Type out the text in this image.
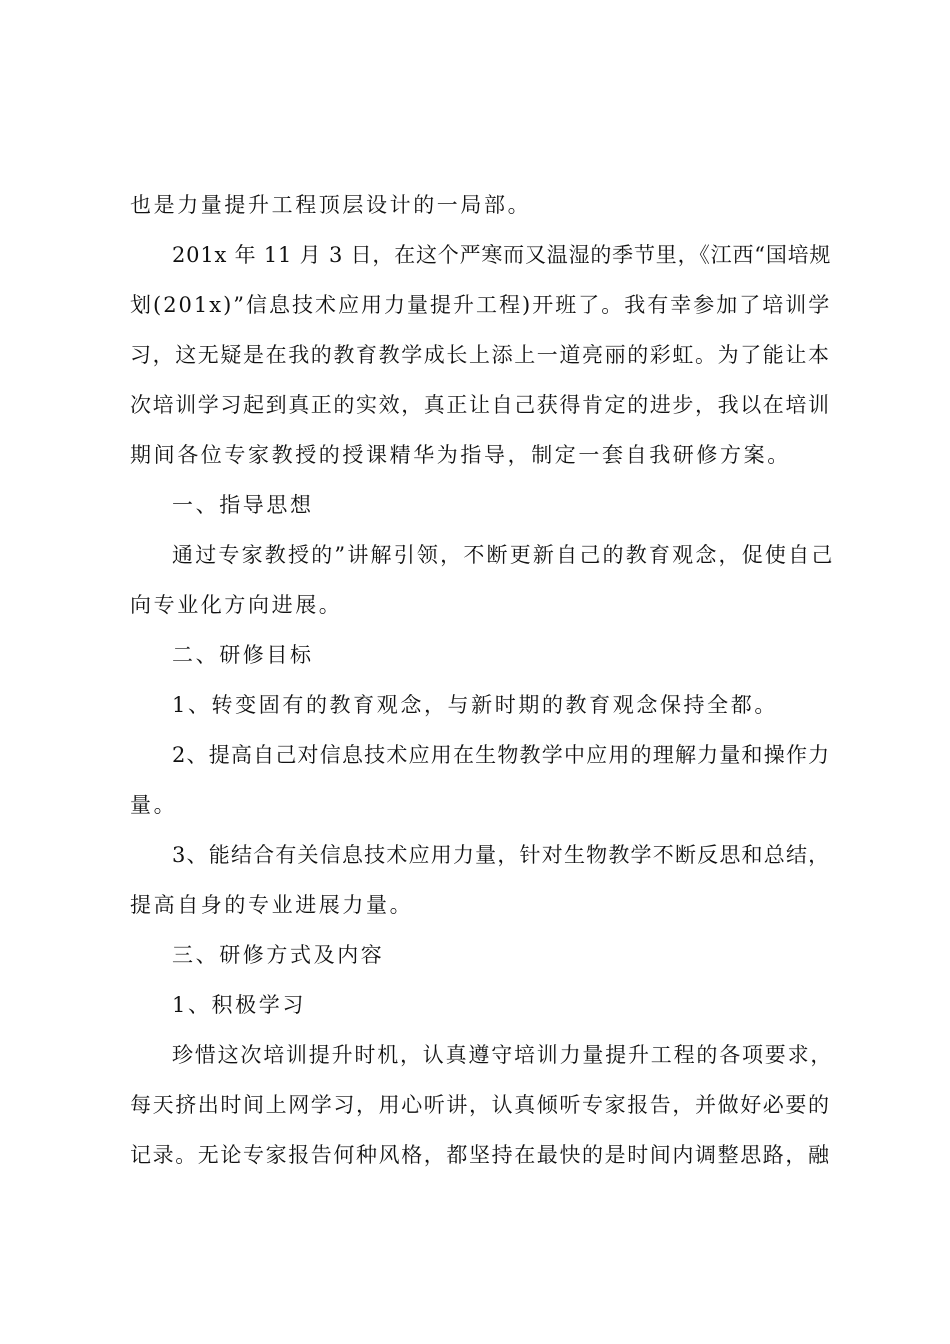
也是力量提升工程顶层设计的一局部。
201x 年 11 月 3 日，在这个严寒而又温湿的季节里，《江西“国培规
划(201x)”信息技术应用力量提升工程)开班了。我有幸参加了培训学
习，这无疑是在我的教育教学成长上添上一道亮丽的彩虹。为了能让本
次培训学习起到真正的实效，真正让自己获得肯定的进步，我以在培训
期间各位专家教授的授课精华为指导，制定一套自我研修方案。
一、指导思想
通过专家教授的”讲解引领，不断更新自己的教育观念，促使自己
向专业化方向进展。
二、研修目标
1、转变固有的教育观念，与新时期的教育观念保持全都。
2、提高自己对信息技术应用在生物教学中应用的理解力量和操作力
量。
3、能结合有关信息技术应用力量，针对生物教学不断反思和总结，
提高自身的专业进展力量。
三、研修方式及内容
1、积极学习
珍惜这次培训提升时机，认真遵守培训力量提升工程的各项要求，
每天挤出时间上网学习，用心听讲，认真倾听专家报告，并做好必要的
记录。无论专家报告何种风格，都坚持在最快的是时间内调整思路，融
